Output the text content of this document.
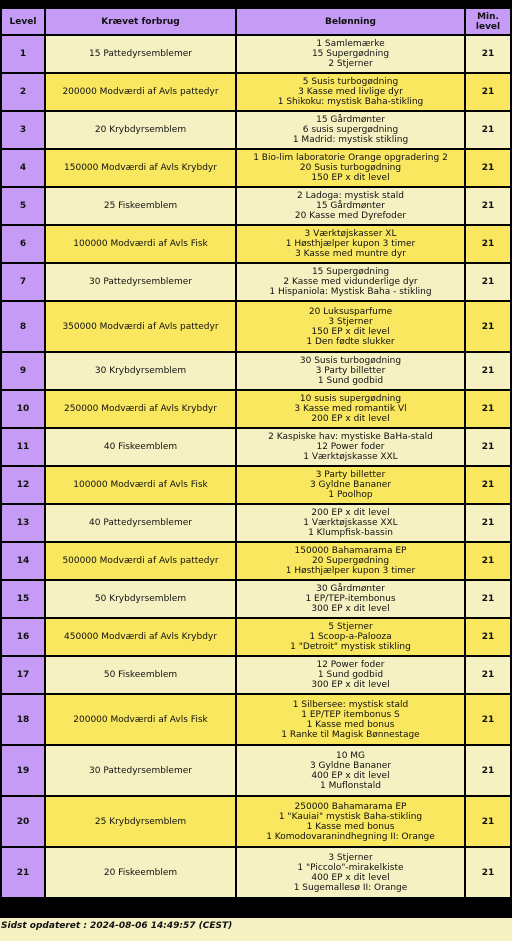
Level	Krævet forbrug	Belønning	Min. level
1	15 Pattedyrsemblemer	1 Samlemærke
15 Supergødning
2 Stjerner	21
2	200000 Modværdi af Avls pattedyr	5 Susis turbogødning
3 Kasse med livlige dyr
1 Shikoku: mystisk Baha-stikling	21
3	20 Krybdyrsemblem	15 Gårdmønter
6 susis supergødning
1 Madrid: mystisk stikling	21
4	150000 Modværdi af Avls Krybdyr	1 Bio-lim laboratorie Orange opgradering 2
20 Susis turbogødning
150 EP x dit level	21
5	25 Fiskeemblem	2 Ladoga: mystisk stald
15 Gårdmønter
20 Kasse med Dyrefoder	21
6	100000 Modværdi af Avls Fisk	3 Værktøjskasser XL
1 Høsthjælper kupon 3 timer
3 Kasse med muntre dyr	21
7	30 Pattedyrsemblemer	15 Supergødning
2 Kasse med vidunderlige dyr
1 Hispaniola: Mystisk Baha - stikling	21
8	350000 Modværdi af Avls pattedyr	20 Luksusparfume
3 Stjerner
150 EP x dit level
1 Den fødte slukker	21
9	30 Krybdyrsemblem	30 Susis turbogødning
3 Party billetter
1 Sund godbid	21
10	250000 Modværdi af Avls Krybdyr	10 susis supergødning
3 Kasse med romantik Vl
200 EP x dit level	21
11	40 Fiskeemblem	2 Kaspiske hav: mystiske BaHa-stald
12 Power foder
1 Værktøjskasse XXL	21
12	100000 Modværdi af Avls Fisk	3 Party billetter
3 Gyldne Bananer
1 Poolhop	21
13	40 Pattedyrsemblemer	200 EP x dit level
1 Værktøjskasse XXL
1 Klumpfisk-bassin	21
14	500000 Modværdi af Avls pattedyr	150000 Bahamarama EP
20 Supergødning
1 Høsthjælper kupon 3 timer	21
15	50 Krybdyrsemblem	30 Gårdmønter
1 EP/TEP-itembonus
300 EP x dit level	21
16	450000 Modværdi af Avls Krybdyr	5 Stjerner
1 Scoop-a-Palooza
1 "Detroit" mystisk stikling	21
17	50 Fiskeemblem	12 Power foder
1 Sund godbid
300 EP x dit level	21
18	200000 Modværdi af Avls Fisk	1 Silbersee: mystisk stald
1 EP/TEP itembonus S
1 Kasse med bonus
1 Ranke til Magisk Bønnestage	21
19	30 Pattedyrsemblemer	10 MG
3 Gyldne Bananer
400 EP x dit level
1 Muflonstald	21
20	25 Krybdyrsemblem	250000 Bahamarama EP
1 "Kauiai" mystisk Baha-stikling
1 Kasse med bonus
1 Komodovaranindhegning II: Orange	21
21	20 Fiskeemblem	3 Stjerner
1 "Piccolo"-mirakelkiste
400 EP x dit level
1 Sugemallesø II: Orange	21
Sidst opdateret : 2024-08-06 14:49:57 (CEST)
